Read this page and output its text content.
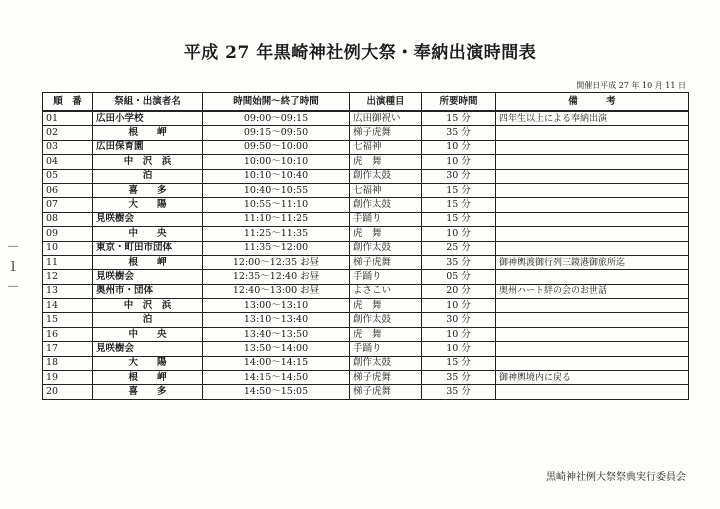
平成 27 年黒崎神社例大祭・奉納出演時間表
開催日平成 27 年 10 月 11 日
－ １ －
順　番	祭組・出演者名	時間始開～終了時間	出演種目	所要時間	備　　　考
01	広田小学校	09:00～09:15	広田御祝い	15 分	四年生以上による奉納出演
02	根　　岬	09:15～09:50	梯子虎舞	35 分	
03	広田保育園	09:50～10:00	七福神	10 分	
04	中　沢　浜	10:00～10:10	虎　舞	10 分	
05	泊	10:10～10:40	創作太鼓	30 分	
06	喜　　多	10:40～10:55	七福神	15 分	
07	大　　陽	10:55～11:10	創作太鼓	15 分	
08	見咲樹会	11:10～11:25	手踊り	15 分	
09	中　　央	11:25～11:35	虎　舞	10 分	
10	東京・町田市団体	11:35～12:00	創作太鼓	25 分	
11	根　　岬	12:00～12:35 お昼	梯子虎舞	35 分	御神輿渡御行列三鏡港御旅所迄
12	見咲樹会	12:35～12:40 お昼	手踊り	05 分	
13	奥州市・団体	12:40～13:00 お昼	よさこい	20 分	奥州ハート絆の会のお世話
14	中　沢　浜	13:00～13:10	虎　舞	10 分	
15	泊	13:10～13:40	創作太鼓	30 分	
16	中　　央	13:40～13:50	虎　舞	10 分	
17	見咲樹会	13:50～14:00	手踊り	10 分	
18	大　　陽	14:00～14:15	創作太鼓	15 分	
19	根　　岬	14:15～14:50	梯子虎舞	35 分	御神輿境内に戻る
20	喜　　多	14:50～15:05	梯子虎舞	35 分	
黒崎神社例大祭祭典実行委員会
